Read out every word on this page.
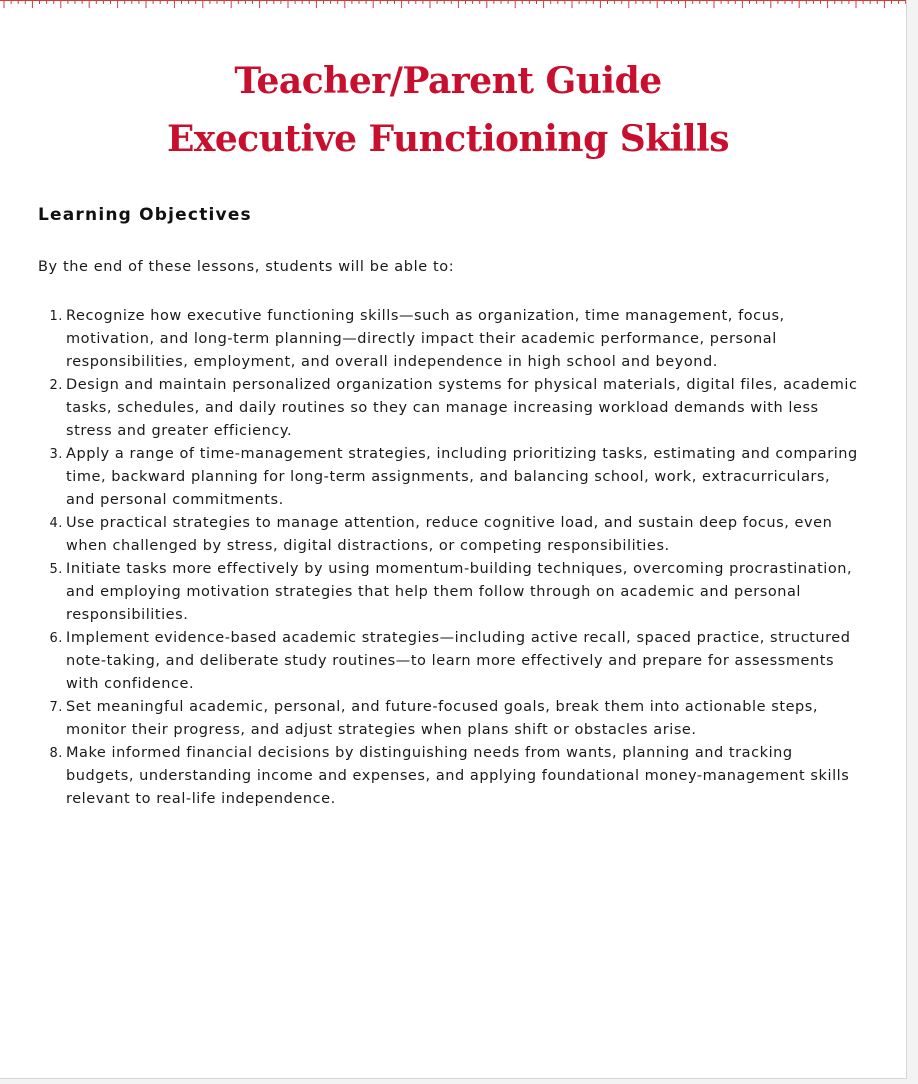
Teacher/Parent Guide
Executive Functioning Skills
Learning Objectives
By the end of these lessons, students will be able to:
1. Recognize how executive functioning skills—such as organization, time management, focus, motivation, and long-term planning—directly impact their academic performance, personal responsibilities, employment, and overall independence in high school and beyond.
2. Design and maintain personalized organization systems for physical materials, digital files, academic tasks, schedules, and daily routines so they can manage increasing workload demands with less stress and greater efficiency.
3. Apply a range of time-management strategies, including prioritizing tasks, estimating and comparing time, backward planning for long-term assignments, and balancing school, work, extracurriculars, and personal commitments.
4. Use practical strategies to manage attention, reduce cognitive load, and sustain deep focus, even when challenged by stress, digital distractions, or competing responsibilities.
5. Initiate tasks more effectively by using momentum-building techniques, overcoming procrastination, and employing motivation strategies that help them follow through on academic and personal responsibilities.
6. Implement evidence-based academic strategies—including active recall, spaced practice, structured note-taking, and deliberate study routines—to learn more effectively and prepare for assessments with confidence.
7. Set meaningful academic, personal, and future-focused goals, break them into actionable steps, monitor their progress, and adjust strategies when plans shift or obstacles arise.
8. Make informed financial decisions by distinguishing needs from wants, planning and tracking budgets, understanding income and expenses, and applying foundational money-management skills relevant to real-life independence.
